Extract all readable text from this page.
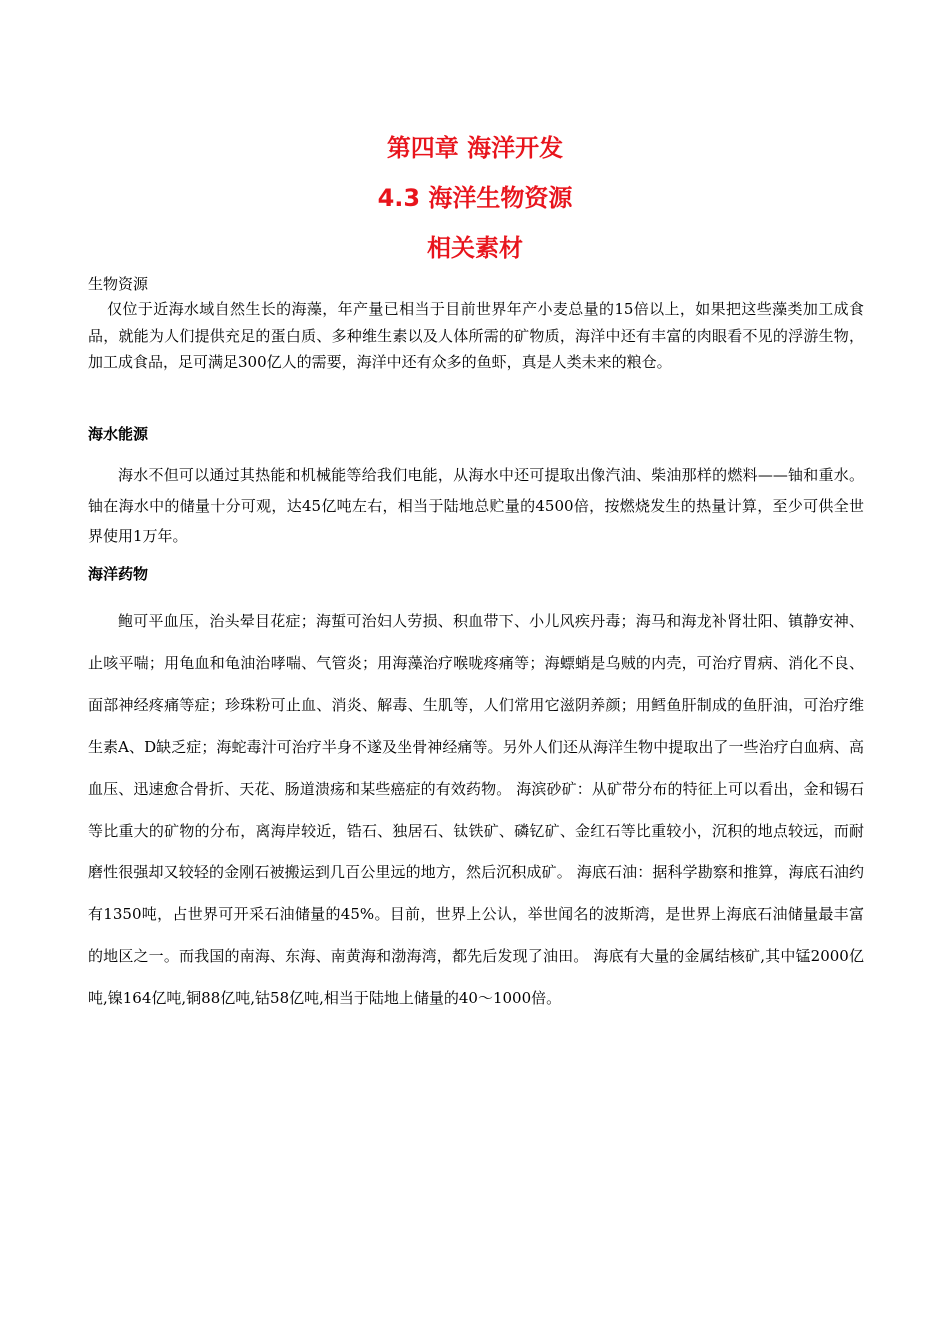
第四章 海洋开发
4.3 海洋生物资源
相关素材
生物资源

仅位于近海水域自然生长的海藻，年产量已相当于目前世界年产小麦总量的15倍以上，如果把这些藻类加工成食品，就能为人们提供充足的蛋白质、多种维生素以及人体所需的矿物质，海洋中还有丰富的肉眼看不见的浮游生物，加工成食品，足可满足300亿人的需要，海洋中还有众多的鱼虾，真是人类未来的粮仓。

海水能源

海水不但可以通过其热能和机械能等给我们电能，从海水中还可提取出像汽油、柴油那样的燃料——铀和重水。铀在海水中的储量十分可观，达45亿吨左右，相当于陆地总贮量的4500倍，按燃烧发生的热量计算，至少可供全世界使用1万年。

海洋药物

鲍可平血压，治头晕目花症；海蜇可治妇人劳损、积血带下、小儿风疾丹毒；海马和海龙补肾壮阳、镇静安神、止咳平喘；用龟血和龟油治哮喘、气管炎；用海藻治疗喉咙疼痛等；海螵蛸是乌贼的内壳，可治疗胃病、消化不良、面部神经疼痛等症；珍珠粉可止血、消炎、解毒、生肌等，人们常用它滋阴养颜；用鳕鱼肝制成的鱼肝油，可治疗维生素A、D缺乏症；海蛇毒汁可治疗半身不遂及坐骨神经痛等。另外人们还从海洋生物中提取出了一些治疗白血病、高血压、迅速愈合骨折、天花、肠道溃疡和某些癌症的有效药物。 海滨砂矿：从矿带分布的特征上可以看出，金和锡石等比重大的矿物的分布，离海岸较近，锆石、独居石、钛铁矿、磷钇矿、金红石等比重较小，沉积的地点较远，而耐磨性很强却又较轻的金刚石被搬运到几百公里远的地方，然后沉积成矿。 海底石油：据科学勘察和推算，海底石油约有1350吨，占世界可开采石油储量的45%。目前，世界上公认，举世闻名的波斯湾，是世界上海底石油储量最丰富的地区之一。而我国的南海、东海、南黄海和渤海湾，都先后发现了油田。 海底有大量的金属结核矿,其中锰2000亿吨,镍164亿吨,铜88亿吨,钴58亿吨,相当于陆地上储量的40～1000倍。
